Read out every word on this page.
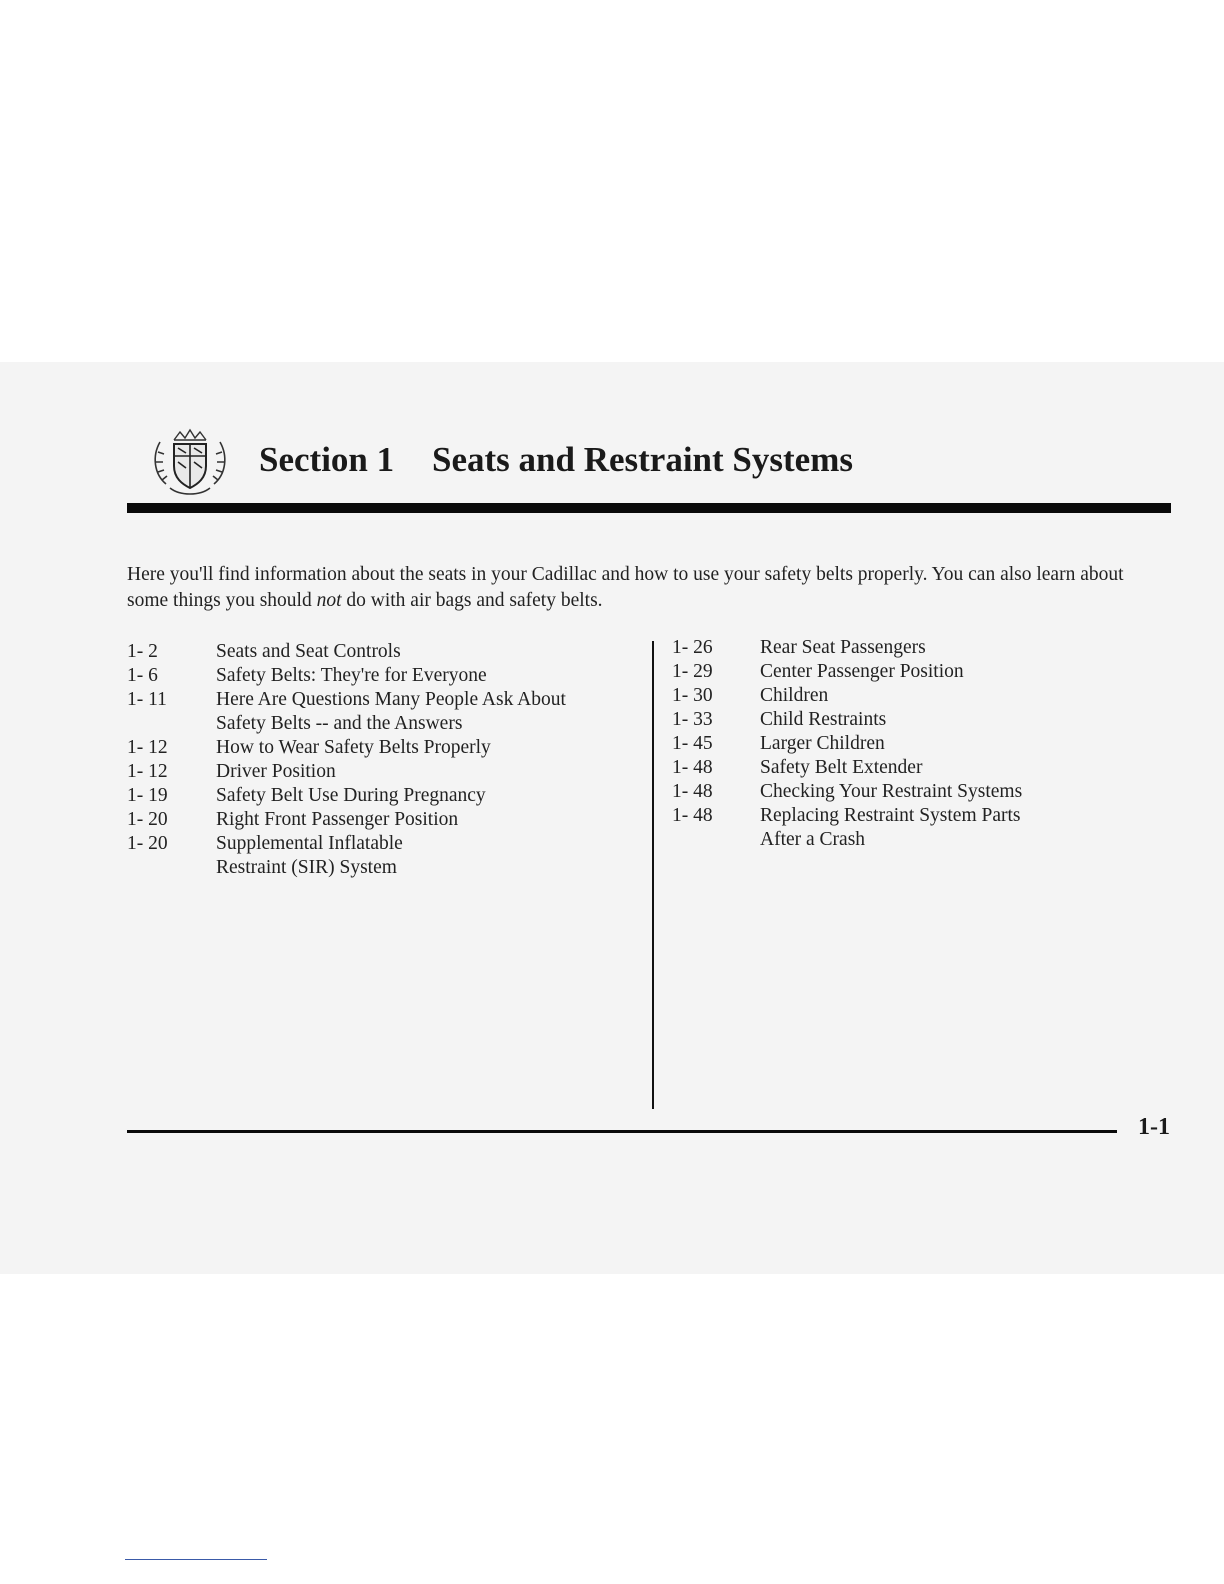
Section 1 Seats and Restraint Systems

Here you'll find information about the seats in your Cadillac and how to use your safety belts properly. You can also learn about some things you should not do with air bags and safety belts.

1- 2	Seats and Seat Controls
1- 6	Safety Belts: They're for Everyone
1- 11	Here Are Questions Many People Ask About Safety Belts -- and the Answers
1- 12	How to Wear Safety Belts Properly
1- 12	Driver Position
1- 19	Safety Belt Use During Pregnancy
1- 20	Right Front Passenger Position
1- 20	Supplemental Inflatable Restraint (SIR) System
1- 26	Rear Seat Passengers
1- 29	Center Passenger Position
1- 30	Children
1- 33	Child Restraints
1- 45	Larger Children
1- 48	Safety Belt Extender
1- 48	Checking Your Restraint Systems
1- 48	Replacing Restraint System Parts After a Crash
1-1
